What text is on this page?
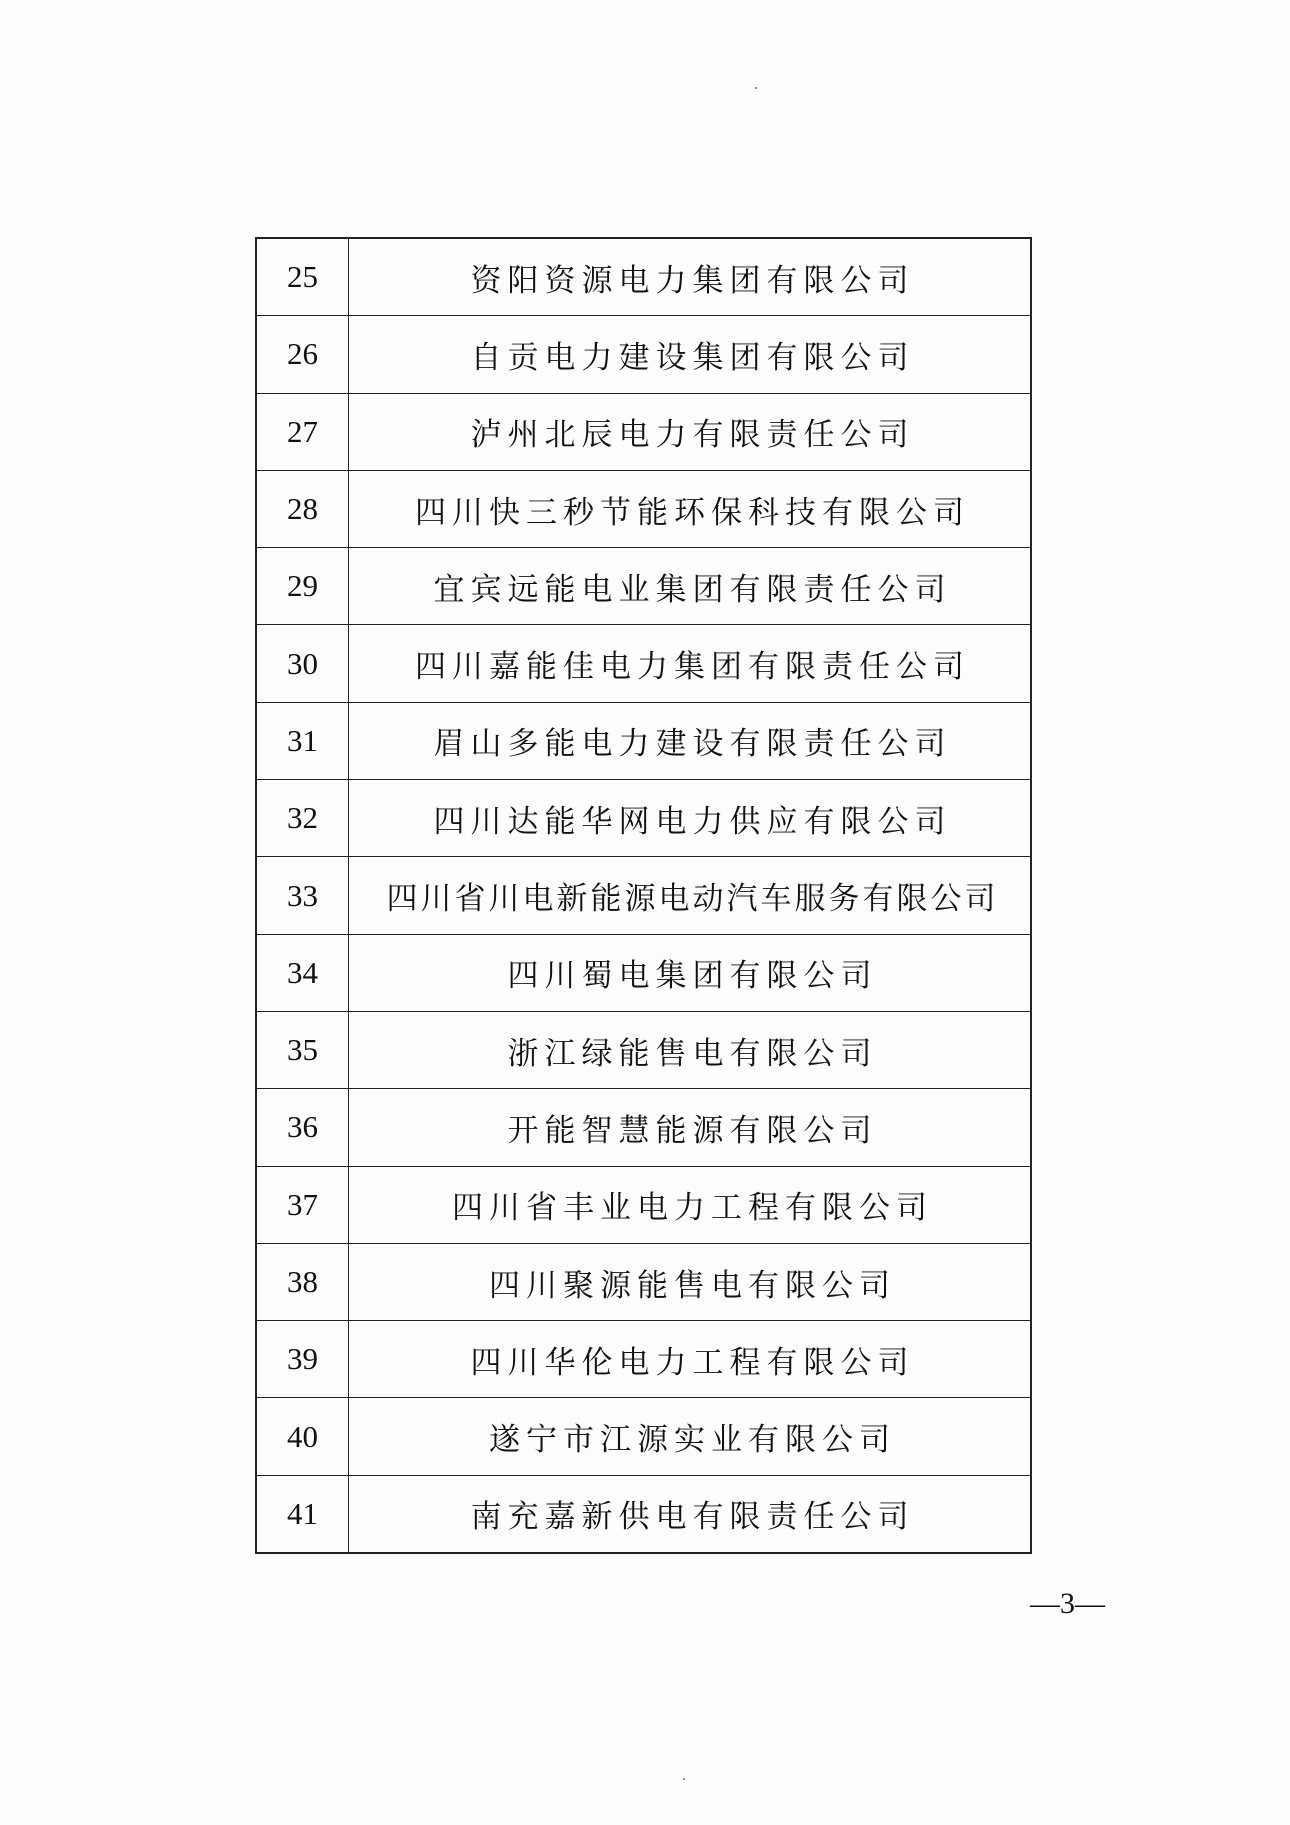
25	资阳资源电力集团有限公司
26	自贡电力建设集团有限公司
27	泸州北辰电力有限责任公司
28	四川快三秒节能环保科技有限公司
29	宜宾远能电业集团有限责任公司
30	四川嘉能佳电力集团有限责任公司
31	眉山多能电力建设有限责任公司
32	四川达能华网电力供应有限公司
33	四川省川电新能源电动汽车服务有限公司
34	四川蜀电集团有限公司
35	浙江绿能售电有限公司
36	开能智慧能源有限公司
37	四川省丰业电力工程有限公司
38	四川聚源能售电有限公司
39	四川华伦电力工程有限公司
40	遂宁市江源实业有限公司
41	南充嘉新供电有限责任公司
—3—
